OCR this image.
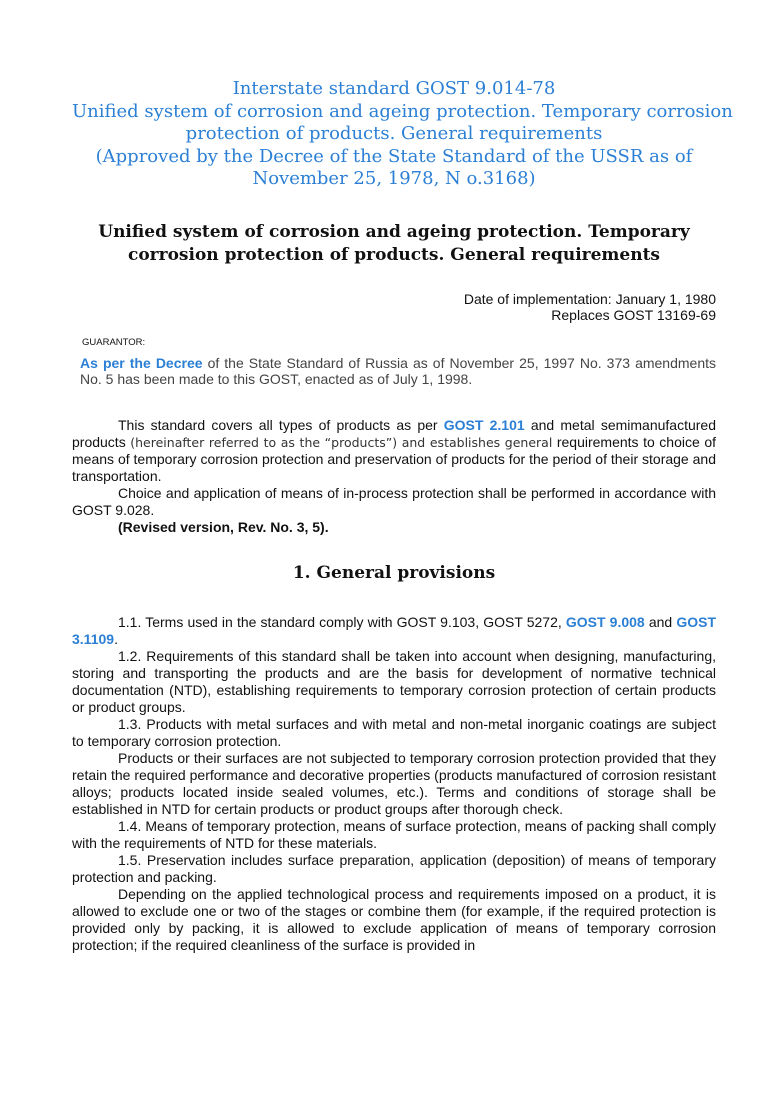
Interstate standard GOST 9.014-78
Unified system of corrosion and ageing protection. Temporary corrosion
protection of products. General requirements
(Approved by the Decree of the State Standard of the USSR as of
November 25, 1978, N o.3168)
Unified system of corrosion and ageing protection. Temporary
corrosion protection of products. General requirements
Date of implementation: January 1, 1980
Replaces GOST 13169-69
GUARANTOR:
As per the Decree of the State Standard of Russia as of November 25, 1997 No. 373 amendments No. 5 has been made to this GOST, enacted as of July 1, 1998.

This standard covers all types of products as per GOST 2.101 and metal semimanufactured products (hereinafter referred to as the “products”) and establishes general requirements to choice of means of temporary corrosion protection and preservation of products for the period of their storage and transportation.

Choice and application of means of in-process protection shall be performed in accordance with GOST 9.028.

(Revised version, Rev. No. 3, 5).

1. General provisions

1.1. Terms used in the standard comply with GOST 9.103, GOST 5272, GOST 9.008 and GOST 3.1109.

1.2. Requirements of this standard shall be taken into account when designing, manufacturing, storing and transporting the products and are the basis for development of normative technical documentation (NTD), establishing requirements to temporary corrosion protection of certain products or product groups.

1.3. Products with metal surfaces and with metal and non-metal inorganic coatings are subject to temporary corrosion protection.

Products or their surfaces are not subjected to temporary corrosion protection provided that they retain the required performance and decorative properties (products manufactured of corrosion resistant alloys; products located inside sealed volumes, etc.). Terms and conditions of storage shall be established in NTD for certain products or product groups after thorough check.

1.4. Means of temporary protection, means of surface protection, means of packing shall comply with the requirements of NTD for these materials.

1.5. Preservation includes surface preparation, application (deposition) of means of temporary protection and packing.

Depending on the applied technological process and requirements imposed on a product, it is allowed to exclude one or two of the stages or combine them (for example, if the required protection is provided only by packing, it is allowed to exclude application of means of temporary corrosion protection; if the required cleanliness of the surface is provided in
